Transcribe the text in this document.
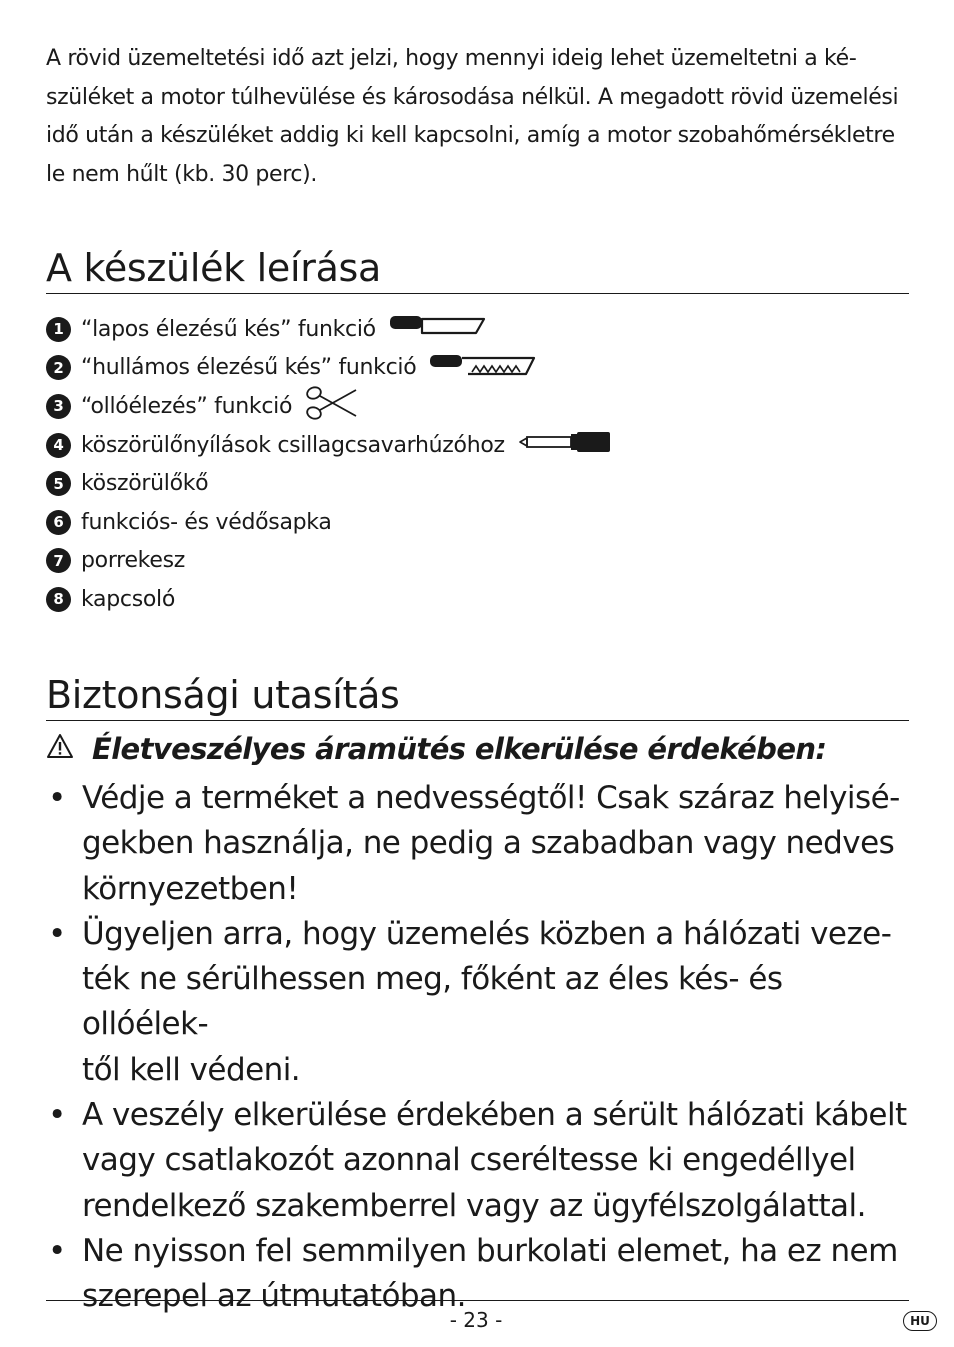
A rövid üzemeltetési idő azt jelzi, hogy mennyi ideig lehet üzemeltetni a ké-
szüléket a motor túlhevülése és károsodása nélkül. A megadott rövid üzemelési
idő után a készüléket addig ki kell kapcsolni, amíg a motor szobahőmérsékletre
le nem hűlt (kb. 30 perc).

A készülék leírása
1 “lapos élezésű kés” funkció
2 “hullámos élezésű kés” funkció
3 “ollóélezés” funkció
4 köszörülőnyílások csillagcsavarhúzóhoz
5 köszörülőkő
6 funkciós- és védősapka
7 porrekesz
8 kapcsoló
Biztonsági utasítás
Életveszélyes áramütés elkerülése érdekében:
• Védje a terméket a nedvességtől! Csak száraz helyisé-
gekben használja, ne pedig a szabadban vagy nedves
környezetben!
• Ügyeljen arra, hogy üzemelés közben a hálózati veze-
ték ne sérülhessen meg, főként az éles kés- és ollóélek-
től kell védeni.
• A veszély elkerülése érdekében a sérült hálózati kábelt
vagy csatlakozót azonnal cseréltesse ki engedéllyel
rendelkező szakemberrel vagy az ügyfélszolgálattal.
• Ne nyisson fel semmilyen burkolati elemet, ha ez nem
szerepel az útmutatóban.
- 23 -	HU
